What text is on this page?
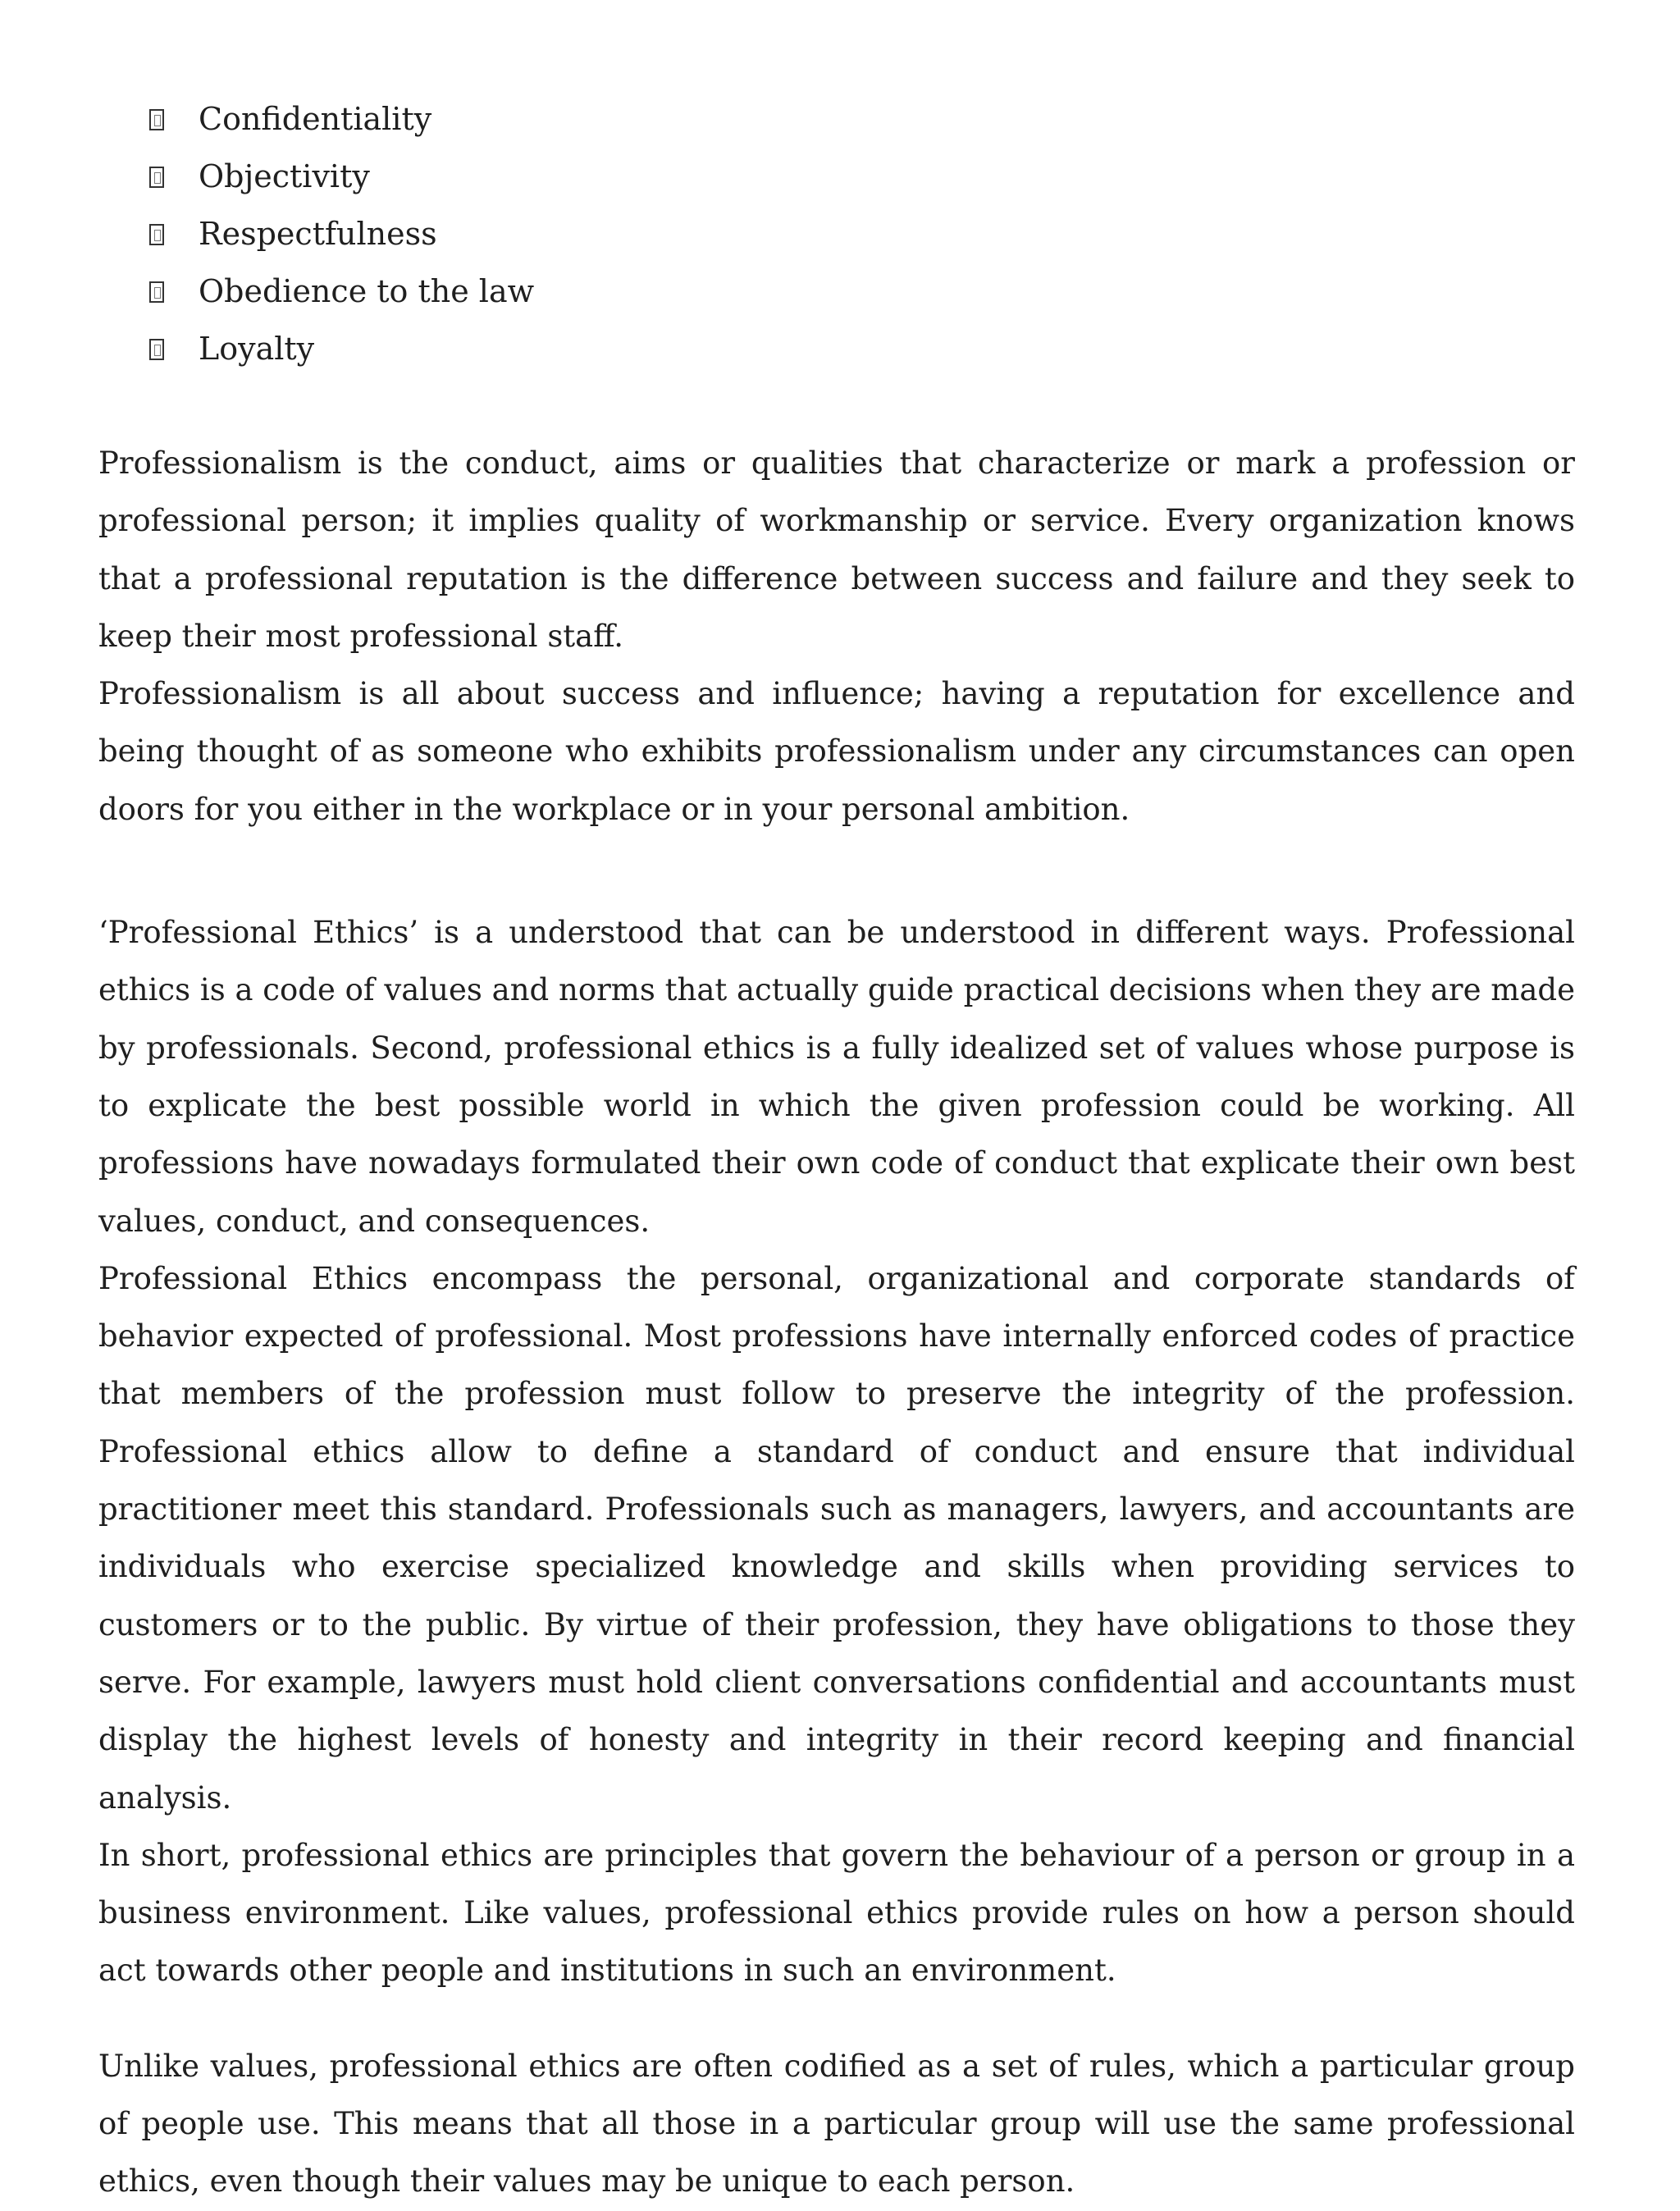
Confidentiality
Objectivity
Respectfulness
Obedience to the law
Loyalty

Professionalism is the conduct, aims or qualities that characterize or mark a profession or professional person; it implies quality of workmanship or service. Every organization knows that a professional reputation is the difference between success and failure and they seek to keep their most professional staff.

Professionalism is all about success and influence; having a reputation for excellence and being thought of as someone who exhibits professionalism under any circumstances can open doors for you either in the workplace or in your personal ambition.

‘Professional Ethics’ is a understood that can be understood in different ways. Professional ethics is a code of values and norms that actually guide practical decisions when they are made by professionals. Second, professional ethics is a fully idealized set of values whose purpose is to explicate the best possible world in which the given profession could be working. All professions have nowadays formulated their own code of conduct that explicate their own best values, conduct, and consequences.

Professional Ethics encompass the personal, organizational and corporate standards of behavior expected of professional. Most professions have internally enforced codes of practice that members of the profession must follow to preserve the integrity of the profession. Professional ethics allow to define a standard of conduct and ensure that individual practitioner meet this standard. Professionals such as managers, lawyers, and accountants are individuals who exercise specialized knowledge and skills when providing services to customers or to the public. By virtue of their profession, they have obligations to those they serve. For example, lawyers must hold client conversations confidential and accountants must display the highest levels of honesty and integrity in their record keeping and financial analysis.

In short, professional ethics are principles that govern the behaviour of a person or group in a business environment. Like values, professional ethics provide rules on how a person should act towards other people and institutions in such an environment.

Unlike values, professional ethics are often codified as a set of rules, which a particular group of people use. This means that all those in a particular group will use the same professional ethics, even though their values may be unique to each person.
